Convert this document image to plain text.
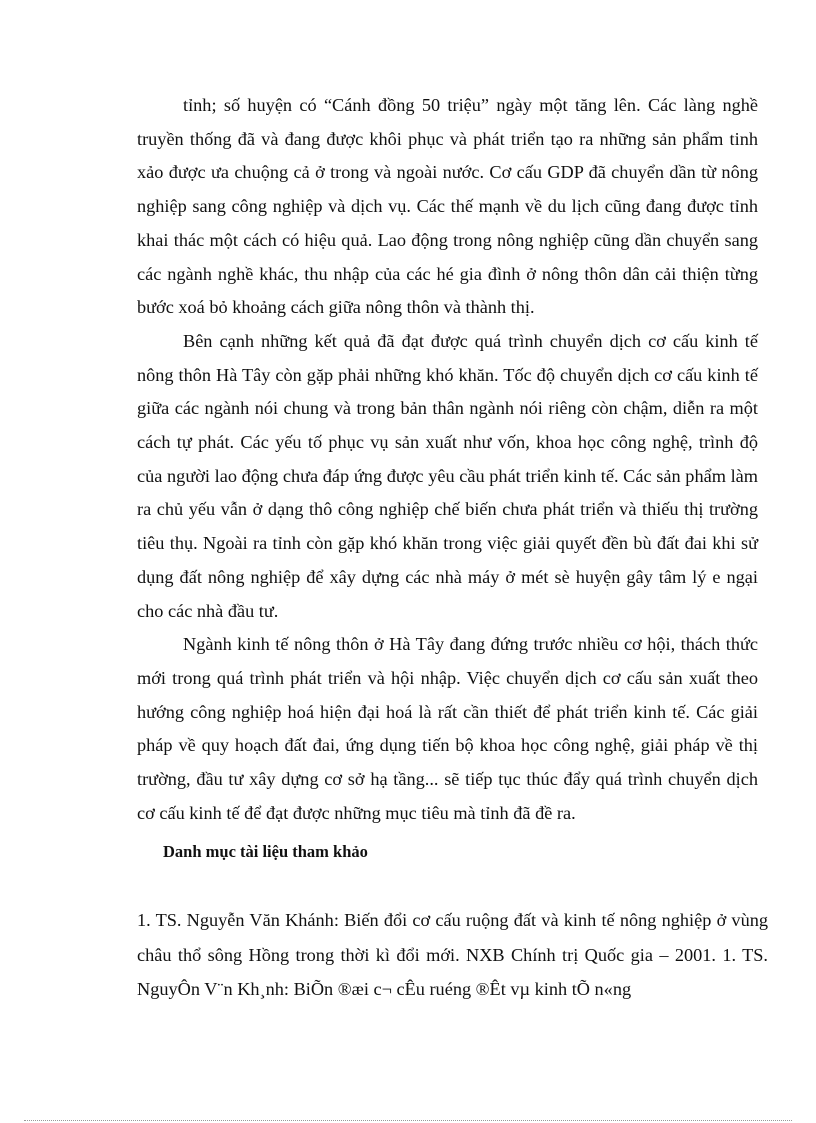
tỉnh; số huyện có “Cánh đồng 50 triệu” ngày một tăng lên. Các làng nghề truyền thống đã và đang được khôi phục và phát triển tạo ra những sản phẩm tinh xảo được ưa chuộng cả ở trong và ngoài nước. Cơ cấu GDP đã chuyển dần từ nông nghiệp sang công nghiệp và dịch vụ. Các thế mạnh về du lịch cũng đang được tỉnh khai thác một cách có hiệu quả. Lao động trong nông nghiệp cũng dần chuyển sang các ngành nghề khác, thu nhập của các hé gia đình ở nông thôn dân cải thiện từng bước xoá bỏ khoảng cách giữa nông thôn và thành thị.

Bên cạnh những kết quả đã đạt được quá trình chuyển dịch cơ cấu kinh tế nông thôn Hà Tây còn gặp phải những khó khăn. Tốc độ chuyển dịch cơ cấu kinh tế giữa các ngành nói chung và trong bản thân ngành nói riêng còn chậm, diễn ra một cách tự phát. Các yếu tố phục vụ sản xuất như vốn, khoa học công nghệ, trình độ của người lao động chưa đáp ứng được yêu cầu phát triển kinh tế. Các sản phẩm làm ra chủ yếu vẫn ở dạng thô công nghiệp chế biến chưa phát triển và thiếu thị trường tiêu thụ. Ngoài ra tỉnh còn gặp khó khăn trong việc giải quyết đền bù đất đai khi sử dụng đất nông nghiệp để xây dựng các nhà máy ở mét sè huyện gây tâm lý e ngại cho các nhà đầu tư.

Ngành kinh tế nông thôn ở Hà Tây đang đứng trước nhiều cơ hội, thách thức mới trong quá trình phát triển và hội nhập. Việc chuyển dịch cơ cấu sản xuất theo hướng công nghiệp hoá hiện đại hoá là rất cần thiết để phát triển kinh tế. Các giải pháp về quy hoạch đất đai, ứng dụng tiến bộ khoa học công nghệ, giải pháp về thị trường, đầu tư xây dựng cơ sở hạ tầng... sẽ tiếp tục thúc đẩy quá trình chuyển dịch cơ cấu kinh tế để đạt được những mục tiêu mà tỉnh đã đề ra.

Danh mục tài liệu tham khảo

1. TS. Nguyễn Văn Khánh: Biến đổi cơ cấu ruộng đất và kinh tế nông nghiệp ở vùng châu thổ sông Hồng trong thời kì đổi mới. NXB Chính trị Quốc gia – 2001. 1. TS. NguyÔn V¨n Kh¸nh: BiÕn ®æi c¬ cÊu ruéng ®Êt vµ kinh tÕ n«ng
